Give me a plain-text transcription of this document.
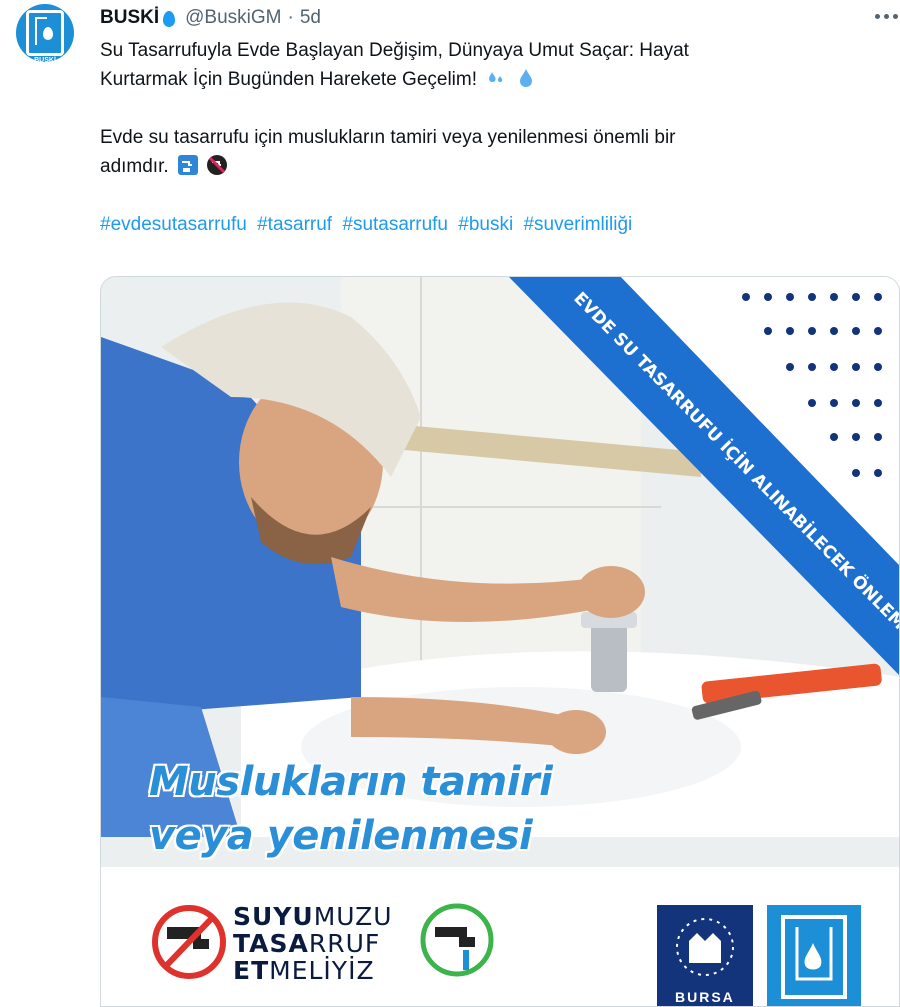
BUSKİ
BUSKİ @BuskiGM · 5d

Su Tasarrufuyla Evde Başlayan Değişim, Dünyaya Umut Saçar: Hayat

Kurtarmak İçin Bugünden Harekete Geçelim!

Evde su tasarrufu için muslukların tamiri veya yenilenmesi önemli bir

adımdır.

#evdesutasarrufu #tasarruf #sutasarrufu #buski #suverimliliği

Muslukların tamiri
veya yenilenmesi
SUYUMUZU
TASARRUF
ETMELİYİZ
BURSA
